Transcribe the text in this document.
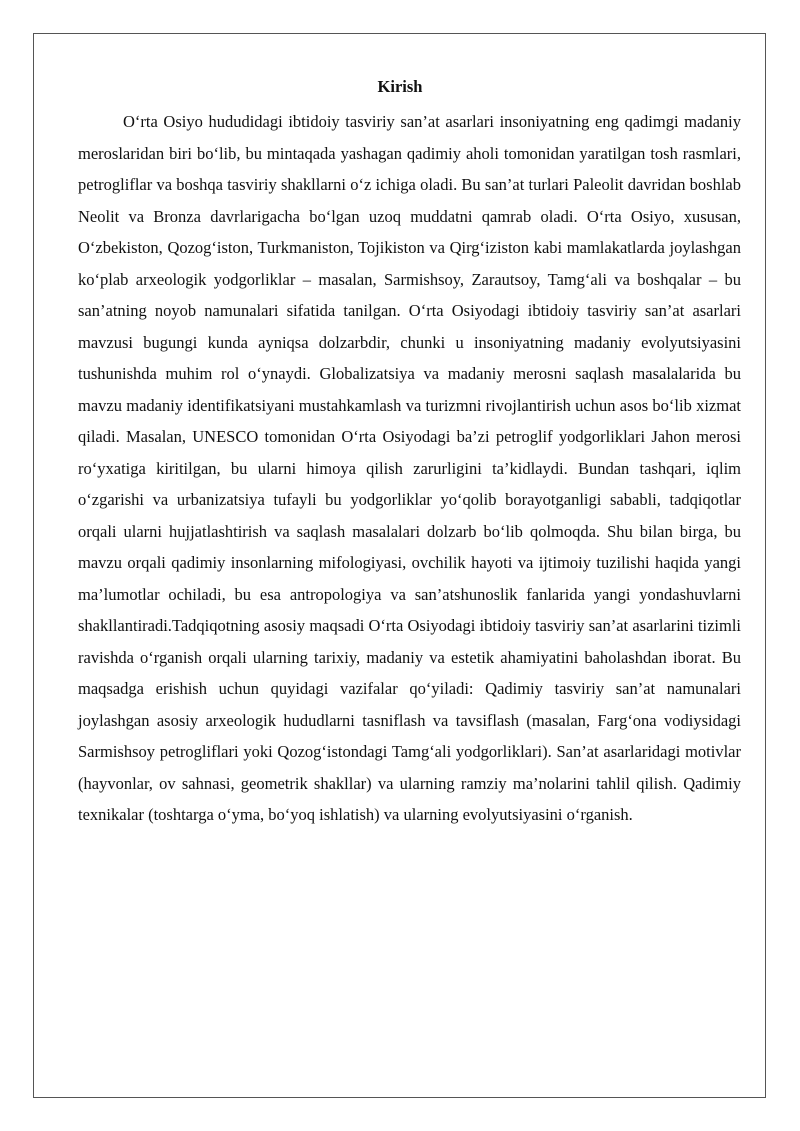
Kirish

O‘rta Osiyo hududidagi ibtidoiy tasviriy san’at asarlari insoniyatning eng qadimgi madaniy meroslaridan biri bo‘lib, bu mintaqada yashagan qadimiy aholi tomonidan yaratilgan tosh rasmlari, petrogliflar va boshqa tasviriy shakllarni o‘z ichiga oladi. Bu san’at turlari Paleolit davridan boshlab Neolit va Bronza davrlarigacha bo‘lgan uzoq muddatni qamrab oladi. O‘rta Osiyo, xususan, O‘zbekiston, Qozog‘iston, Turkmaniston, Tojikiston va Qirg‘iziston kabi mamlakatlarda joylashgan ko‘plab arxeologik yodgorliklar – masalan, Sarmishsoy, Zarautsoy, Tamg‘ali va boshqalar – bu san’atning noyob namunalari sifatida tanilgan. O‘rta Osiyodagi ibtidoiy tasviriy san’at asarlari mavzusi bugungi kunda ayniqsa dolzarbdir, chunki u insoniyatning madaniy evolyutsiyasini tushunishda muhim rol o‘ynaydi. Globalizatsiya va madaniy merosni saqlash masalalarida bu mavzu madaniy identifikatsiyani mustahkamlash va turizmni rivojlantirish uchun asos bo‘lib xizmat qiladi. Masalan, UNESCO tomonidan O‘rta Osiyodagi ba’zi petroglif yodgorliklari Jahon merosi ro‘yxatiga kiritilgan, bu ularni himoya qilish zarurligini ta’kidlaydi. Bundan tashqari, iqlim o‘zgarishi va urbanizatsiya tufayli bu yodgorliklar yo‘qolib borayotganligi sababli, tadqiqotlar orqali ularni hujjatlashtirish va saqlash masalalari dolzarb bo‘lib qolmoqda. Shu bilan birga, bu mavzu orqali qadimiy insonlarning mifologiyasi, ovchilik hayoti va ijtimoiy tuzilishi haqida yangi ma’lumotlar ochiladi, bu esa antropologiya va san’atshunoslik fanlarida yangi yondashuvlarni shakllantiradi.Tadqiqotning asosiy maqsadi O‘rta Osiyodagi ibtidoiy tasviriy san’at asarlarini tizimli ravishda o‘rganish orqali ularning tarixiy, madaniy va estetik ahamiyatini baholashdan iborat. Bu maqsadga erishish uchun quyidagi vazifalar qo‘yiladi: Qadimiy tasviriy san’at namunalari joylashgan asosiy arxeologik hududlarni tasniflash va tavsiflash (masalan, Farg‘ona vodiysidagi Sarmishsoy petrogliflari yoki Qozog‘istondagi Tamg‘ali yodgorliklari). San’at asarlaridagi motivlar (hayvonlar, ov sahnasi, geometrik shakllar) va ularning ramziy ma’nolarini tahlil qilish. Qadimiy texnikalar (toshtarga o‘yma, bo‘yoq ishlatish) va ularning evolyutsiyasini o‘rganish.
